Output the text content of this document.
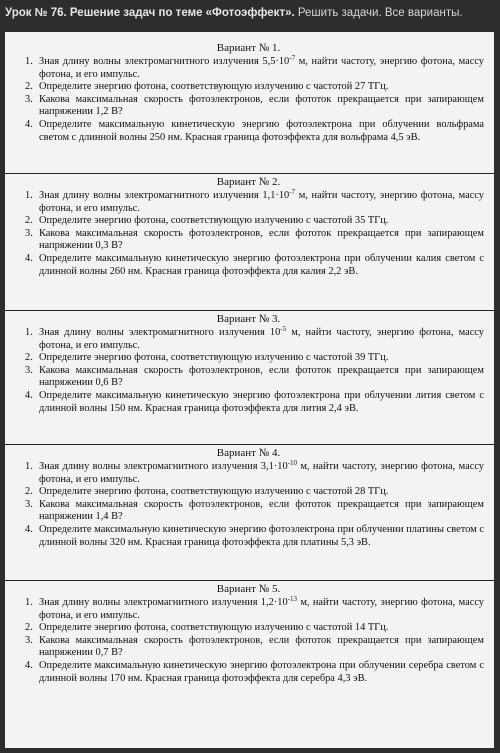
Урок № 76. Решение задач по теме «Фотоэффект». Решить задачи. Все варианты.
Вариант № 1.
1. Зная длину волны электромагнитного излучения $5,5\cdot 10^{-7}$ м, найти частоту, энергию фотона, массу фотона, и его импульс.
2. Определите энергию фотона, соответствующую излучению с частотой 27 ТГц.
3. Какова максимальная скорость фотоэлектронов, если фототок прекращается при запирающем напряжении 1,2 В?
4. Определите максимальную кинетическую энергию фотоэлектрона при облучении вольфрама светом с длинной волны 250 нм. Красная граница фотоэффекта для вольфрама 4,5 эВ.
Вариант № 2.
1. Зная длину волны электромагнитного излучения $1,1\cdot 10^{-7}$ м, найти частоту, энергию фотона, массу фотона, и его импульс.
2. Определите энергию фотона, соответствующую излучению с частотой 35 ТГц.
3. Какова максимальная скорость фотоэлектронов, если фототок прекращается при запирающем напряжении 0,3 В?
4. Определите максимальную кинетическую энергию фотоэлектрона при облучении калия светом с длинной волны 260 нм. Красная граница фотоэффекта для калия 2,2 эВ.
Вариант № 3.
1. Зная длину волны электромагнитного излучения $10^{-5}$ м, найти частоту, энергию фотона, массу фотона, и его импульс.
2. Определите энергию фотона, соответствующую излучению с частотой 39 ТГц.
3. Какова максимальная скорость фотоэлектронов, если фототок прекращается при запирающем напряжении 0,6 В?
4. Определите максимальную кинетическую энергию фотоэлектрона при облучении лития светом с длинной волны 150 нм. Красная граница фотоэффекта для лития 2,4 эВ.
Вариант № 4.
1. Зная длину волны электромагнитного излучения $3,1\cdot 10^{-10}$ м, найти частоту, энергию фотона, массу фотона, и его импульс.
2. Определите энергию фотона, соответствующую излучению с частотой 28 ТГц.
3. Какова максимальная скорость фотоэлектронов, если фототок прекращается при запирающем напряжении 1,4 В?
4. Определите максимальную кинетическую энергию фотоэлектрона при облучении платины светом с длинной волны 320 нм. Красная граница фотоэффекта для платины 5,3 эВ.
Вариант № 5.
1. Зная длину волны электромагнитного излучения $1,2\cdot 10^{-13}$ м, найти частоту, энергию фотона, массу фотона, и его импульс.
2. Определите энергию фотона, соответствующую излучению с частотой 14 ТГц.
3. Какова максимальная скорость фотоэлектронов, если фототок прекращается при запирающем напряжении 0,7 В?
4. Определите максимальную кинетическую энергию фотоэлектрона при облучении серебра светом с длинной волны 170 нм. Красная граница фотоэффекта для серебра 4,3 эВ.
